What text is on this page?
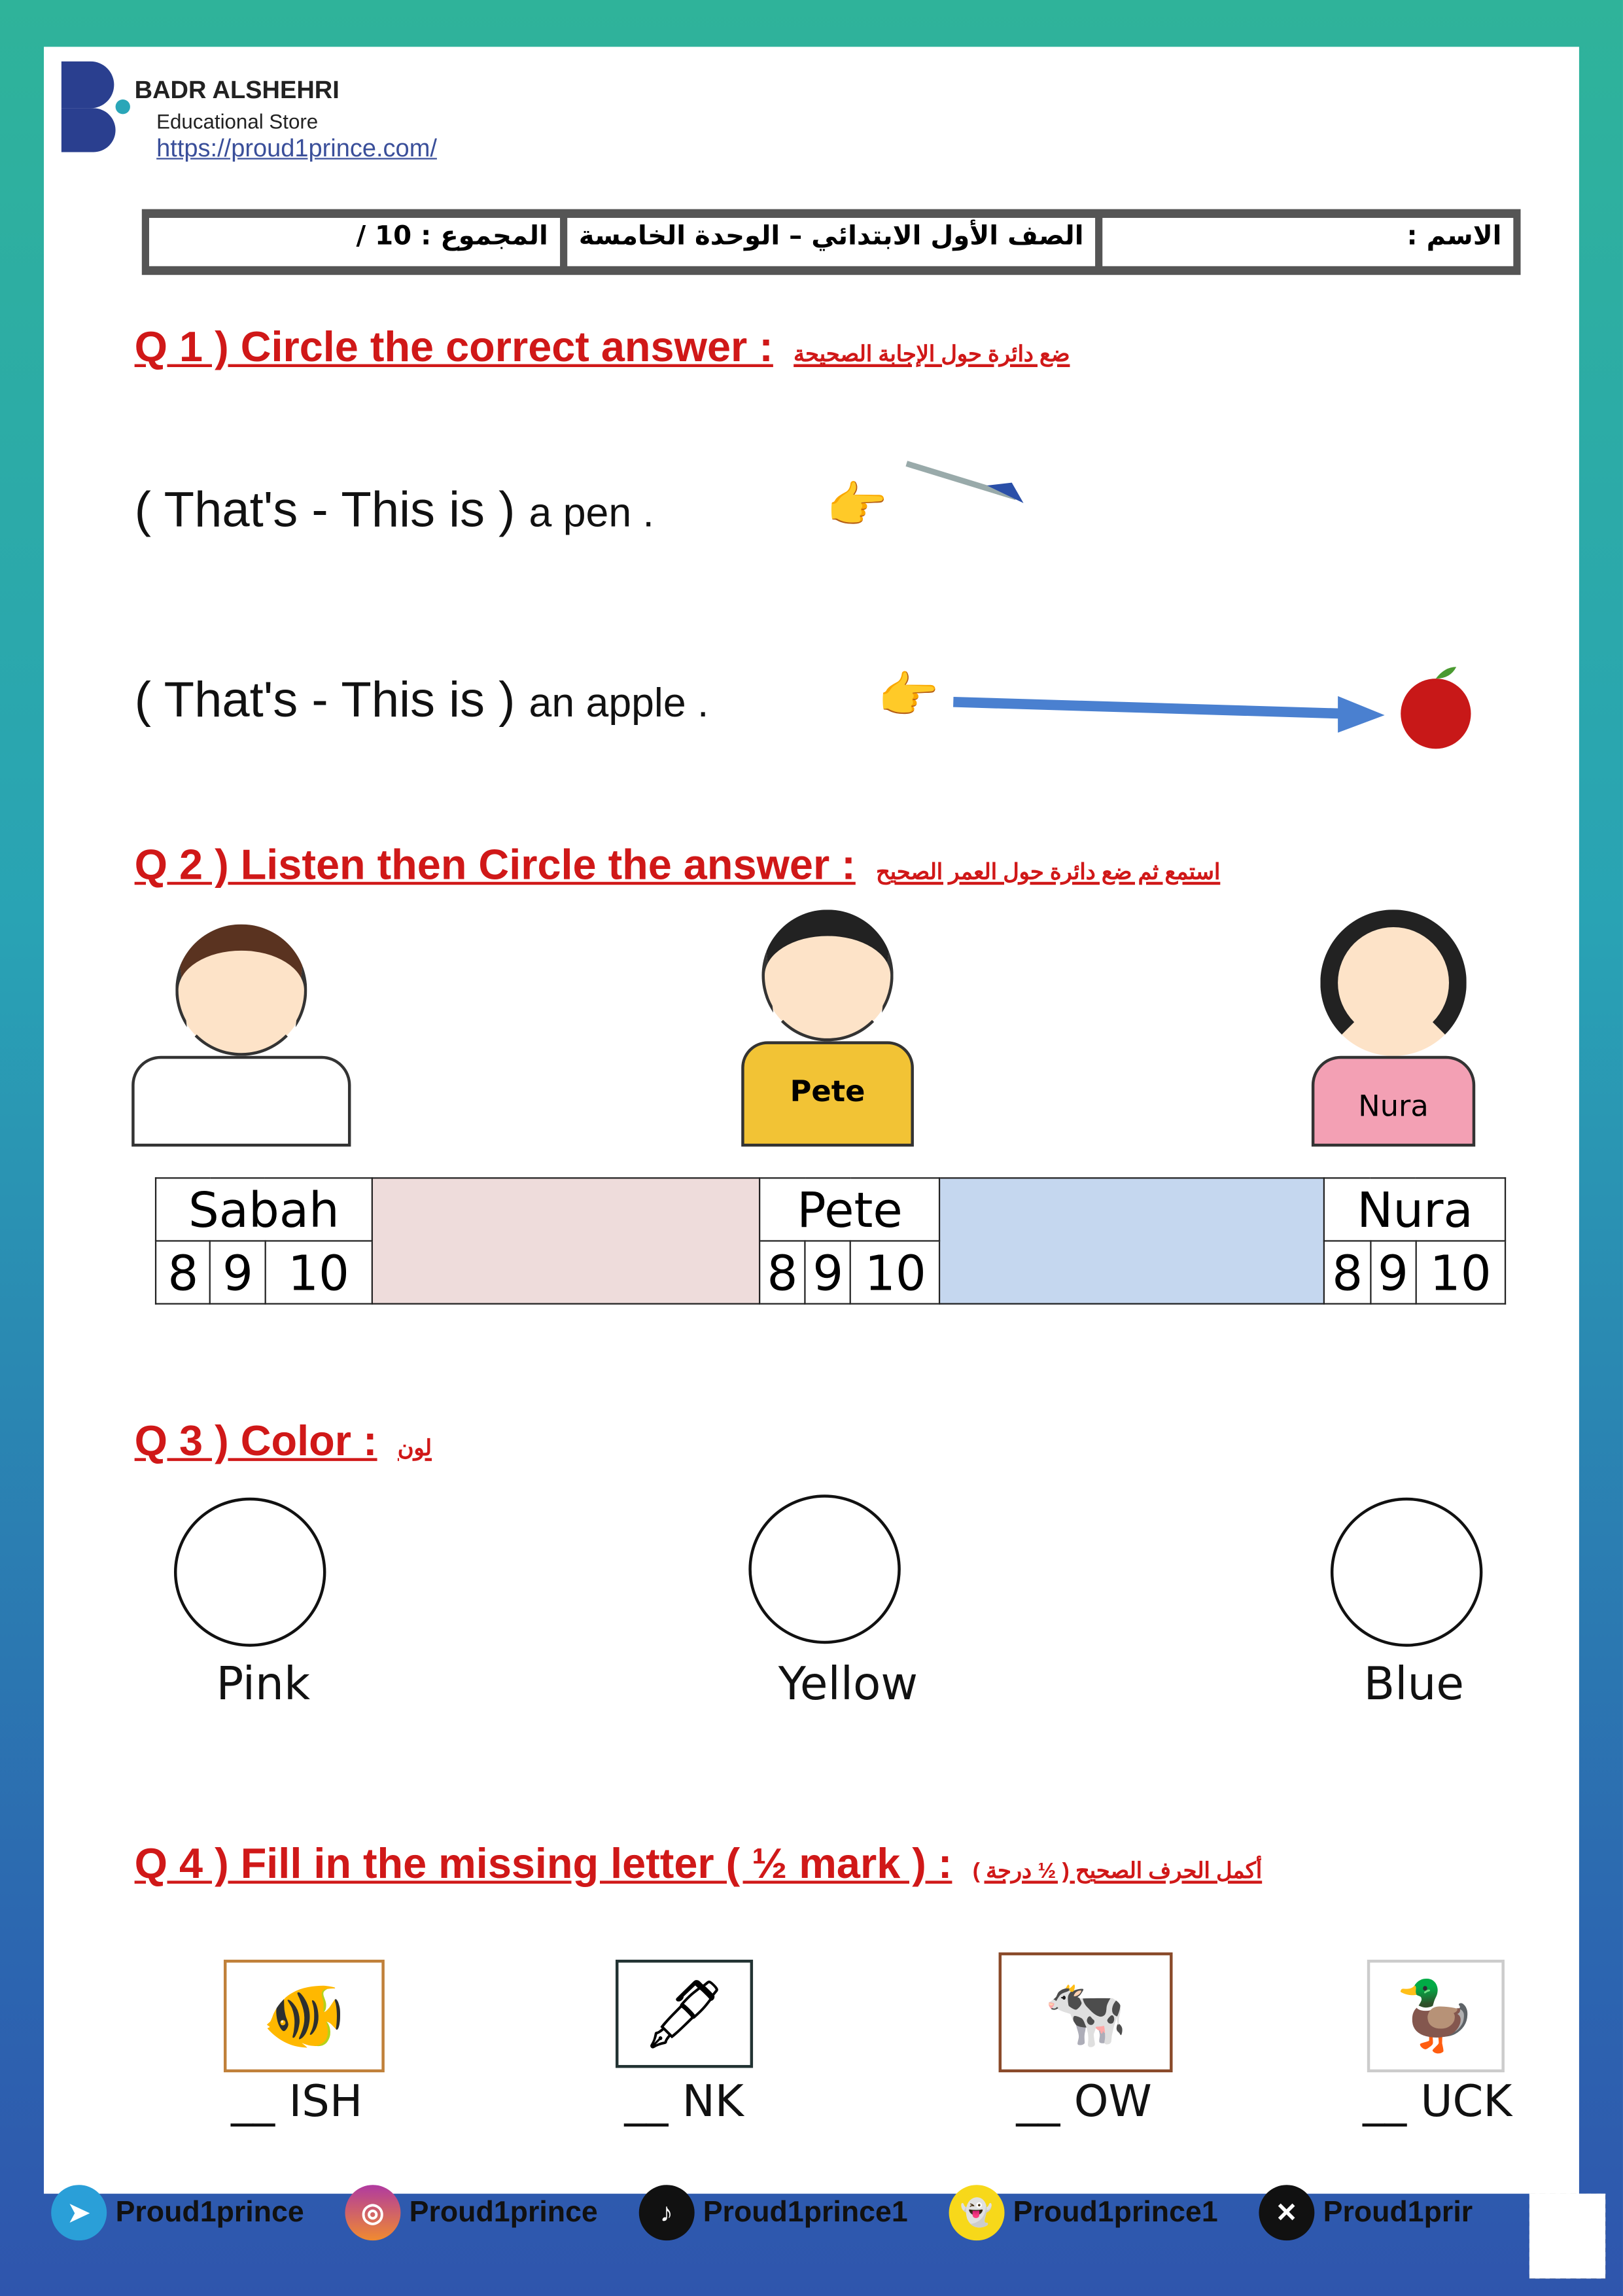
BADR ALSHEHRI
Educational Store
https://proud1prince.com/
المجموع : 10 /	الصف الأول الابتدائي – الوحدة الخامسة	الاسم :
Q 1 ) Circle the correct answer : ضع دائرة حول الإجابة الصحيحة
( That's - This is ) a pen .	👉
( That's - This is ) an apple .	👉
Q 2 ) Listen then Circle the answer : استمع ثم ضع دائرة حول العمر الصحيح
Pete	Nura
Sabah				Pete				Nura		
8	9	10		8	9	10		8	9	10
Q 3 ) Color : لون
Pink	Yellow	Blue
Q 4 ) Fill in the missing letter ( ½ mark ) : أكمل الحرف الصحيح ( ½ درجة )
🐠	🖋	🐄	🦆
__ ISH	__ NK	__ OW	__ UCK
➤	Proud1prince	◎	Proud1prince	♪	Proud1prince1	👻	Proud1prince1	✕	Proud1prir
